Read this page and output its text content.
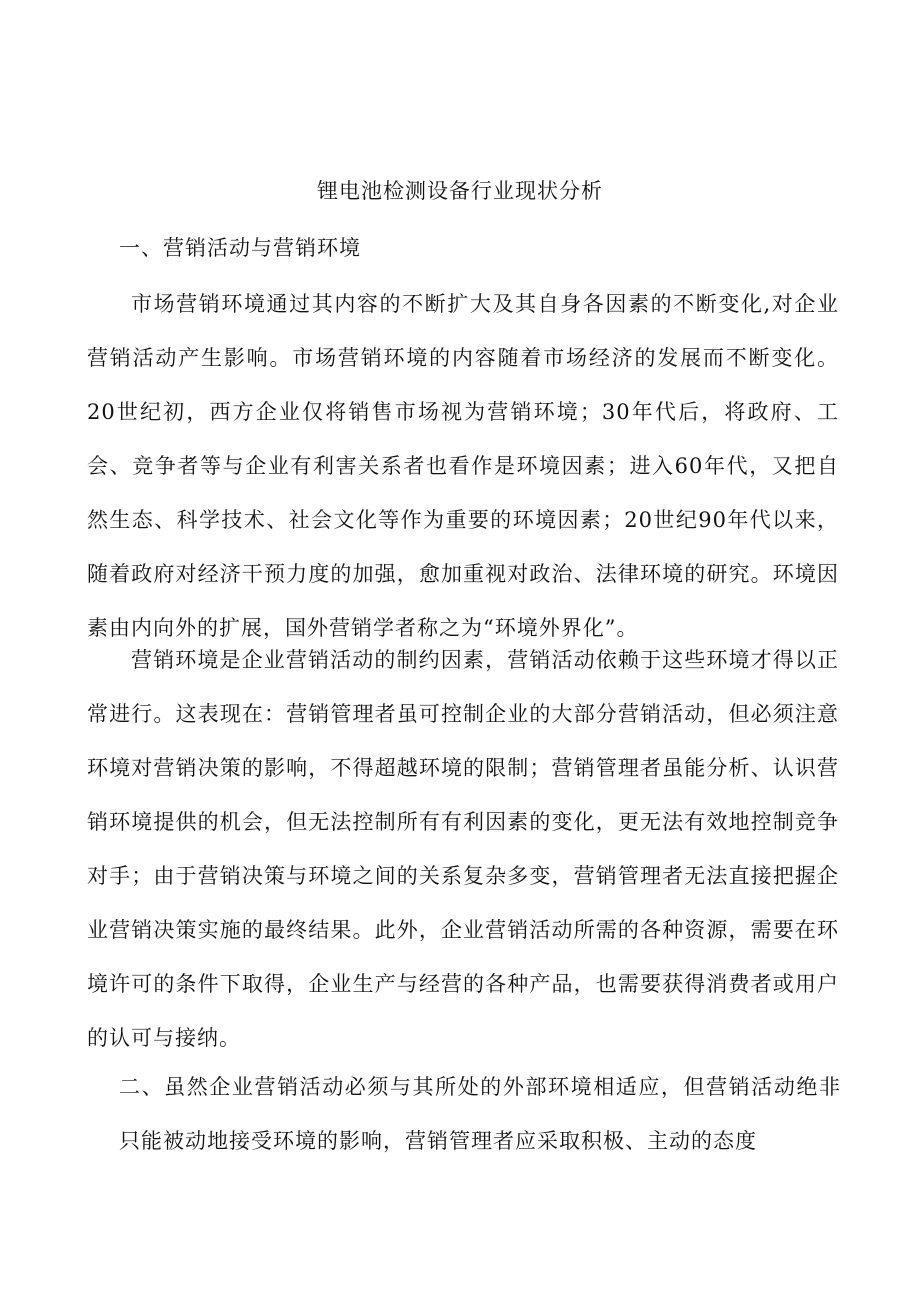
锂电池检测设备行业现状分析
一、营销活动与营销环境
市场营销环境通过其内容的不断扩大及其自身各因素的不断变化,对企业营销活动产生影响。市场营销环境的内容随着市场经济的发展而不断变化。20世纪初，西方企业仅将销售市场视为营销环境；30年代后，将政府、工会、竞争者等与企业有利害关系者也看作是环境因素；进入60年代，又把自然生态、科学技术、社会文化等作为重要的环境因素；20世纪90年代以来，随着政府对经济干预力度的加强，愈加重视对政治、法律环境的研究。环境因素由内向外的扩展，国外营销学者称之为“环境外界化”。
营销环境是企业营销活动的制约因素，营销活动依赖于这些环境才得以正常进行。这表现在：营销管理者虽可控制企业的大部分营销活动，但必须注意环境对营销决策的影响，不得超越环境的限制；营销管理者虽能分析、认识营销环境提供的机会，但无法控制所有有利因素的变化，更无法有效地控制竞争对手；由于营销决策与环境之间的关系复杂多变，营销管理者无法直接把握企业营销决策实施的最终结果。此外，企业营销活动所需的各种资源，需要在环境许可的条件下取得，企业生产与经营的各种产品，也需要获得消费者或用户的认可与接纳。
二、虽然企业营销活动必须与其所处的外部环境相适应，但营销活动绝非只能被动地接受环境的影响，营销管理者应采取积极、主动的态度
